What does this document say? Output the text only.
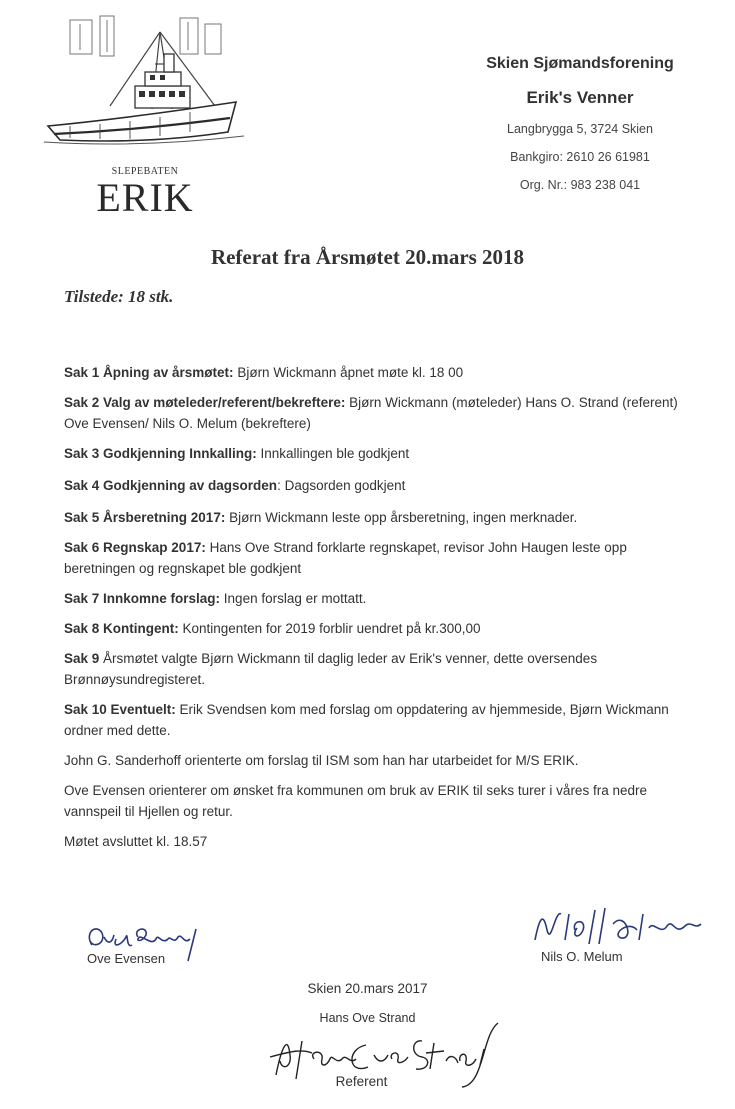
SLEPEBATEN
ERIK
Skien Sjømandsforening
Erik's Venner
Langbrygga 5, 3724 Skien
Bankgiro: 2610 26 61981
Org. Nr.: 983 238 041
Referat fra Årsmøtet 20.mars 2018
Tilstede: 18 stk.

Sak 1 Åpning av årsmøtet: Bjørn Wickmann åpnet møte kl. 18 00

Sak 2 Valg av møteleder/referent/bekreftere: Bjørn Wickmann (møteleder) Hans O. Strand (referent) Ove Evensen/ Nils O. Melum (bekreftere)

Sak 3 Godkjenning Innkalling: Innkallingen ble godkjent

Sak 4 Godkjenning av dagsorden: Dagsorden godkjent

Sak 5 Årsberetning 2017: Bjørn Wickmann leste opp årsberetning, ingen merknader.

Sak 6 Regnskap 2017: Hans Ove Strand forklarte regnskapet, revisor John Haugen leste opp beretningen og regnskapet ble godkjent

Sak 7 Innkomne forslag: Ingen forslag er mottatt.

Sak 8 Kontingent: Kontingenten for 2019 forblir uendret på kr.300,00

Sak 9 Årsmøtet valgte Bjørn Wickmann til daglig leder av Erik's venner, dette oversendes Brønnøysundregisteret.

Sak 10 Eventuelt: Erik Svendsen kom med forslag om oppdatering av hjemmeside, Bjørn Wickmann ordner med dette.

John G. Sanderhoff orienterte om forslag til ISM som han har utarbeidet for M/S ERIK.

Ove Evensen orienterer om ønsket fra kommunen om bruk av ERIK til seks turer i våres fra nedre vannspeil til Hjellen og retur.

Møtet avsluttet kl. 18.57

Ove Evensen	Nils O. Melum
Skien 20.mars 2017
Hans Ove Strand
Referent
